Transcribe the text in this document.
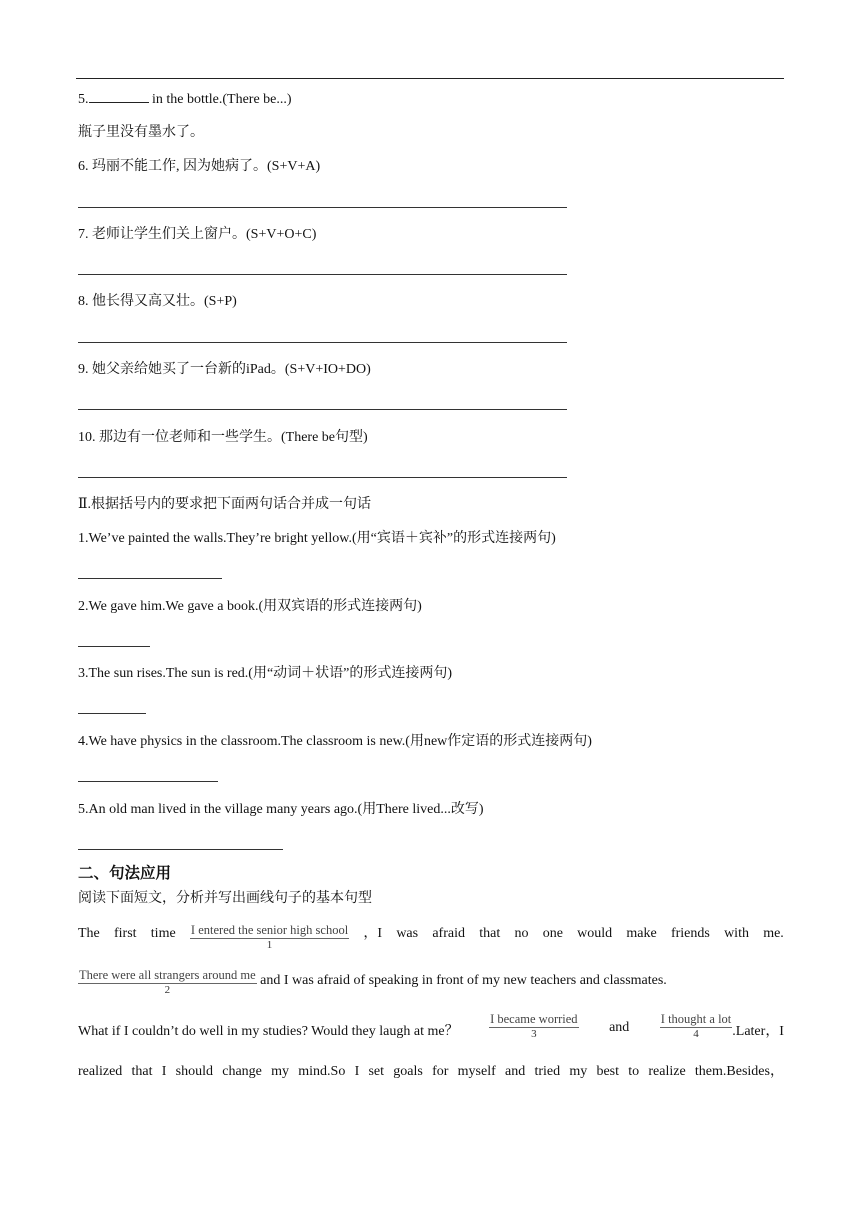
5.	in the bottle.(There be...)
瓶子里没有墨水了。
6. 玛丽不能工作, 因为她病了。(S+V+A)
7. 老师让学生们关上窗户。(S+V+O+C)
8. 他长得又高又壮。(S+P)
9. 她父亲给她买了一台新的iPad。(S+V+IO+DO)
10. 那边有一位老师和一些学生。(There be句型)
Ⅱ.根据括号内的要求把下面两句话合并成一句话
1.We’ve painted the walls.They’re bright yellow.(用“宾语＋宾补”的形式连接两句)
2.We gave him.We gave a book.(用双宾语的形式连接两句)
3.The sun rises.The sun is red.(用“动词＋状语”的形式连接两句)
4.We have physics in the classroom.The classroom is new.(用new作定语的形式连接两句)
5.An old man lived in the village many years ago.(用There lived...改写)
二、句法应用
阅读下面短文，分析并写出画线句子的基本句型
The first time I entered the senior high school
1
，I was afraid that no one would make friends with me.
There were all strangers around me
2
and I was afraid of speaking in front of my new teachers and classmates.
What if I couldn’t do well in my studies? Would they laugh at me？
I became worried
3	and
I thought a lot
4	.Later，I
realized that I should change my mind.So I set goals for myself and tried my best to realize them.Besides，
